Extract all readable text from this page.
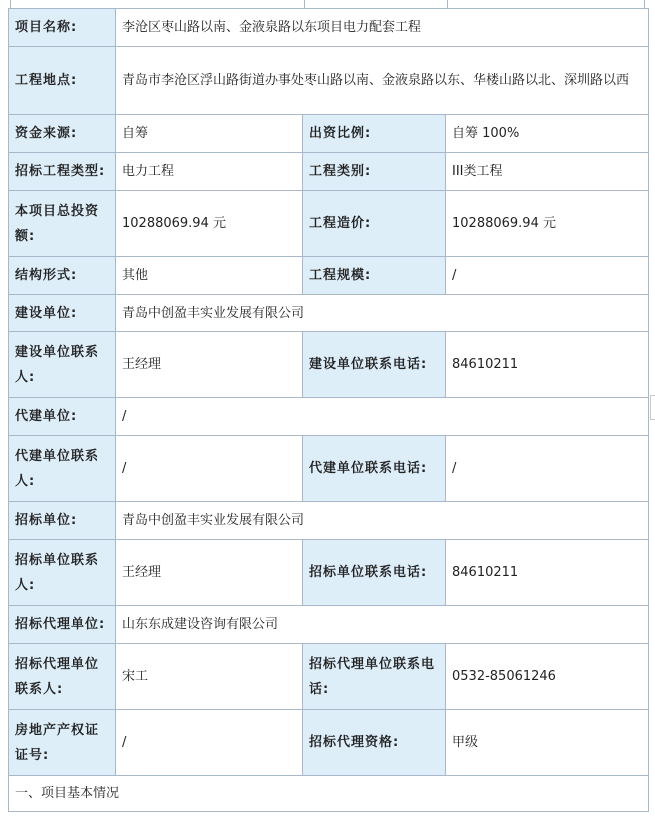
项目名称:	李沧区枣山路以南、金液泉路以东项目电力配套工程		
工程地点:	青岛市李沧区浮山路街道办事处枣山路以南、金液泉路以东、华楼山路以北、深圳路以西		
资金来源:	自筹	出资比例:	自筹 100%
招标工程类型:	电力工程	工程类别:	III类工程
本项目总投资额:	10288069.94 元	工程造价:	10288069.94 元
结构形式:	其他	工程规模:	/
建设单位:	青岛中创盈丰实业发展有限公司		
建设单位联系人:	王经理	建设单位联系电话:	84610211
代建单位:	/		
代建单位联系人:	/	代建单位联系电话:	/
招标单位:	青岛中创盈丰实业发展有限公司		
招标单位联系人:	王经理	招标单位联系电话:	84610211
招标代理单位:	山东东成建设咨询有限公司		
招标代理单位联系人:	宋工	招标代理单位联系电话:	0532-85061246
房地产产权证证号:	/	招标代理资格:	甲级
一、项目基本情况			
